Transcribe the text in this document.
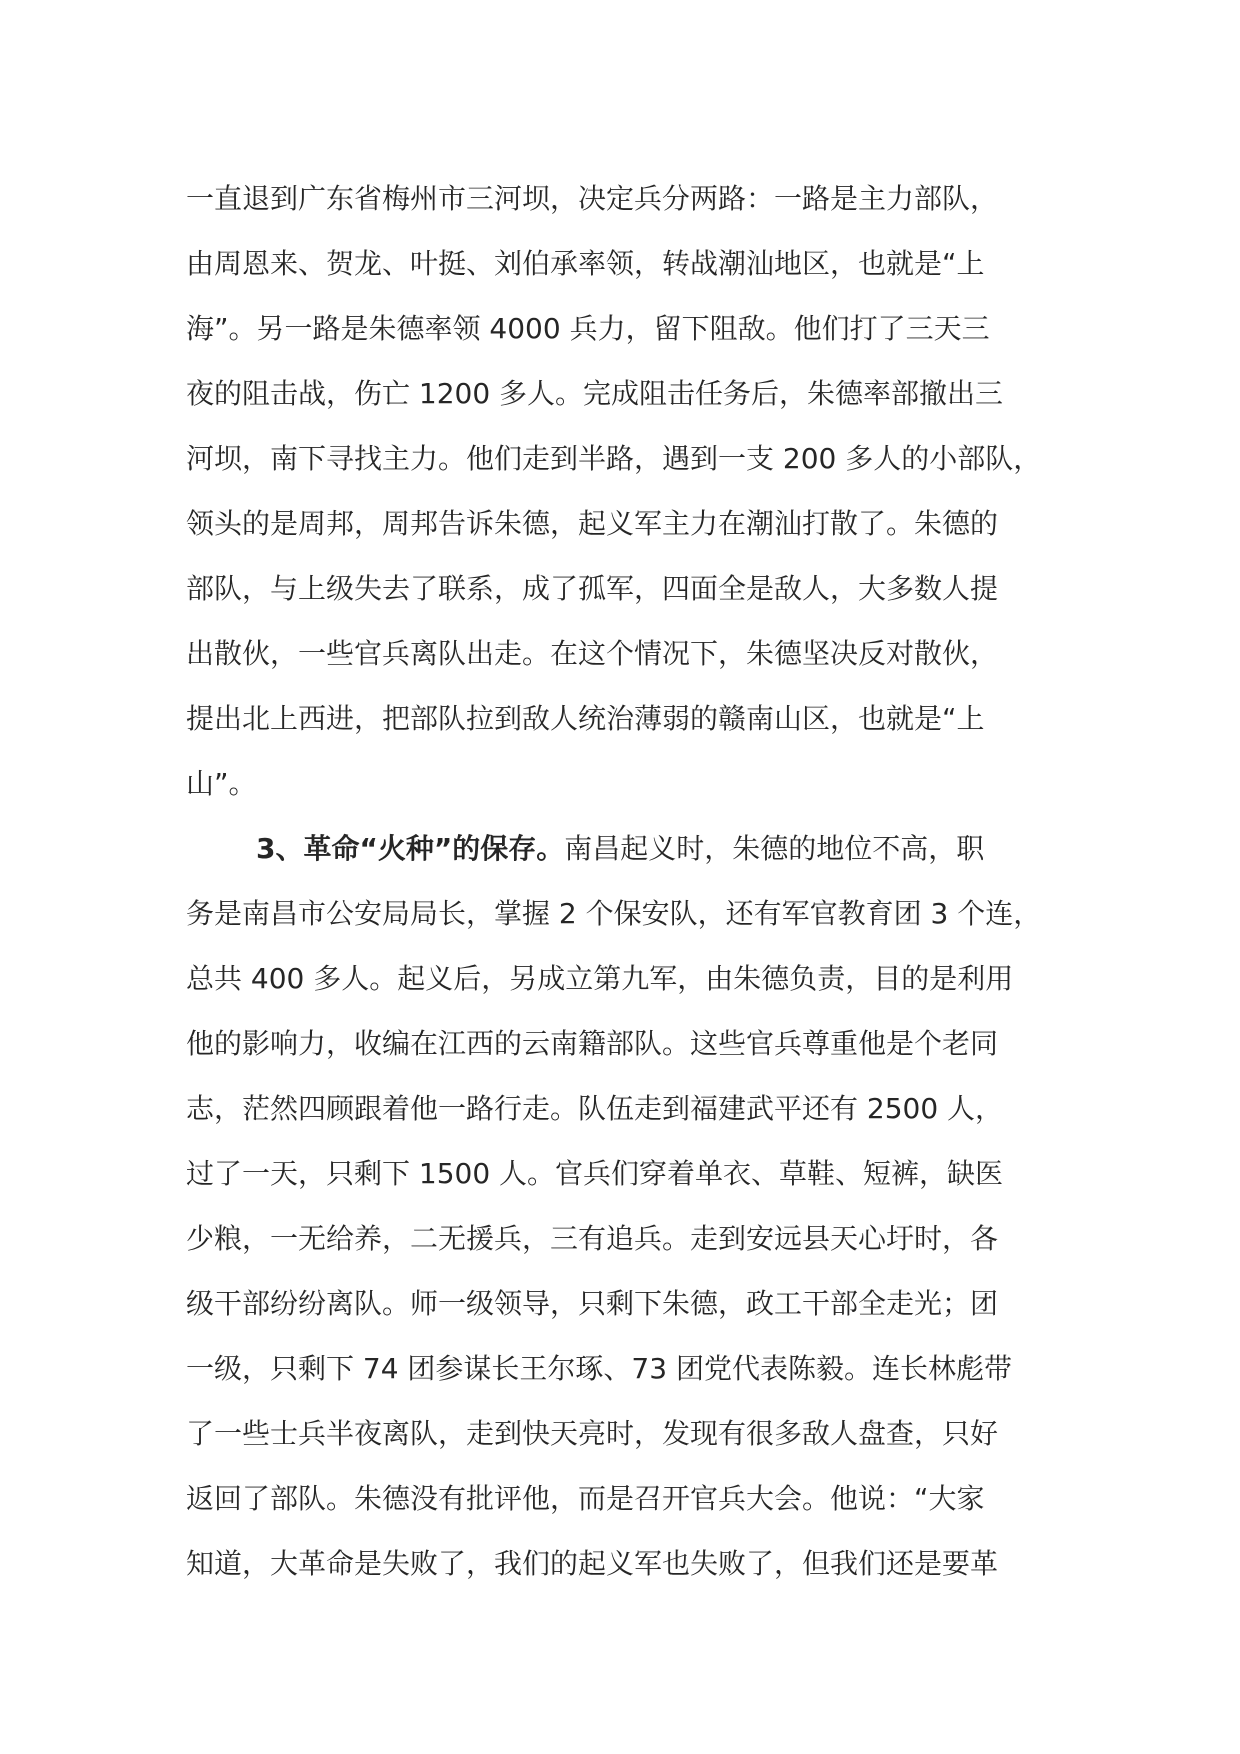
一直退到广东省梅州市三河坝，决定兵分两路：一路是主力部队，
由周恩来、贺龙、叶挺、刘伯承率领，转战潮汕地区，也就是“上
海”。另一路是朱德率领 4000 兵力，留下阻敌。他们打了三天三
夜的阻击战，伤亡 1200 多人。完成阻击任务后，朱德率部撤出三
河坝，南下寻找主力。他们走到半路，遇到一支 200 多人的小部队，
领头的是周邦，周邦告诉朱德，起义军主力在潮汕打散了。朱德的
部队，与上级失去了联系，成了孤军，四面全是敌人，大多数人提
出散伙，一些官兵离队出走。在这个情况下，朱德坚决反对散伙，
提出北上西进，把部队拉到敌人统治薄弱的赣南山区，也就是“上
山”。
3、革命“火种”的保存。南昌起义时，朱德的地位不高，职
务是南昌市公安局局长，掌握 2 个保安队，还有军官教育团 3 个连，
总共 400 多人。起义后，另成立第九军，由朱德负责，目的是利用
他的影响力，收编在江西的云南籍部队。这些官兵尊重他是个老同
志，茫然四顾跟着他一路行走。队伍走到福建武平还有 2500 人，
过了一天，只剩下 1500 人。官兵们穿着单衣、草鞋、短裤，缺医
少粮，一无给养，二无援兵，三有追兵。走到安远县天心圩时，各
级干部纷纷离队。师一级领导，只剩下朱德，政工干部全走光；团
一级，只剩下 74 团参谋长王尔琢、73 团党代表陈毅。连长林彪带
了一些士兵半夜离队，走到快天亮时，发现有很多敌人盘查，只好
返回了部队。朱德没有批评他，而是召开官兵大会。他说：“大家
知道，大革命是失败了，我们的起义军也失败了，但我们还是要革
